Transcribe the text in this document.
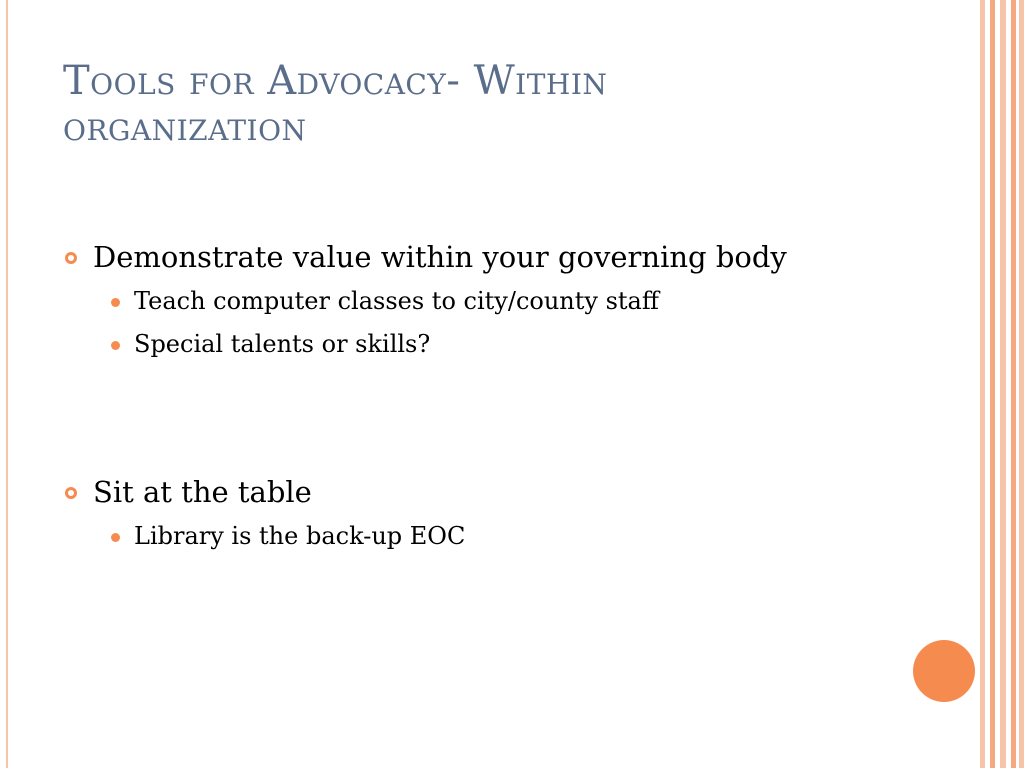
Tools for Advocacy- Within
organization
Demonstrate value within your governing body
Teach computer classes to city/county staff
Special talents or skills?
Sit at the table
Library is the back-up EOC
